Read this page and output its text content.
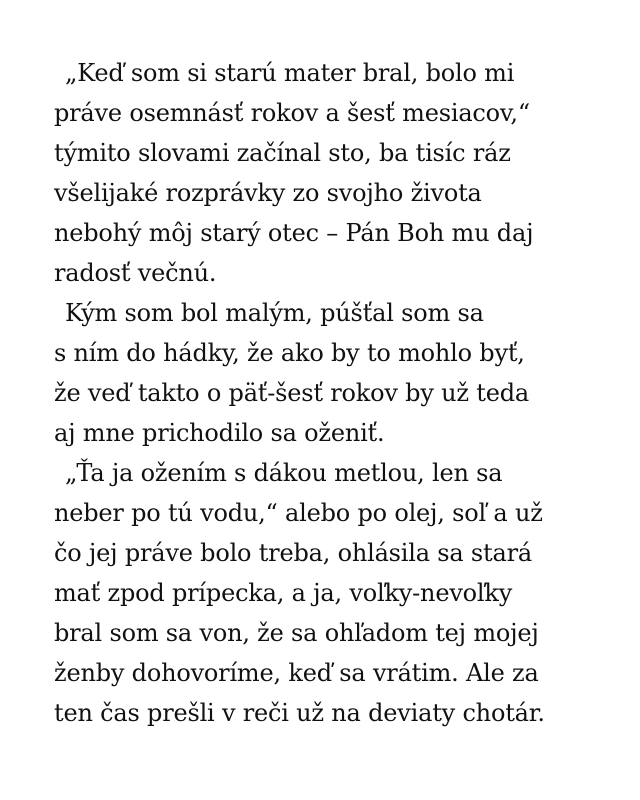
„Keď som si starú mater bral, bolo mi
práve osemnásť rokov a šesť mesiacov,“
týmito slovami začínal sto, ba tisíc ráz
všelijaké rozprávky zo svojho života
nebohý môj starý otec – Pán Boh mu daj
radosť večnú.

Kým som bol malým, púšťal som sa
s ním do hádky, že ako by to mohlo byť,
že veď takto o päť-šesť rokov by už teda
aj mne prichodilo sa oženiť.

„Ťa ja ožením s dákou metlou, len sa
neber po tú vodu,“ alebo po olej, soľ a už
čo jej práve bolo treba, ohlásila sa stará
mať zpod prípecka, a ja, voľky-nevoľky
bral som sa von, že sa ohľadom tej mojej
ženby dohovoríme, keď sa vrátim. Ale za
ten čas prešli v reči už na deviaty chotár.
